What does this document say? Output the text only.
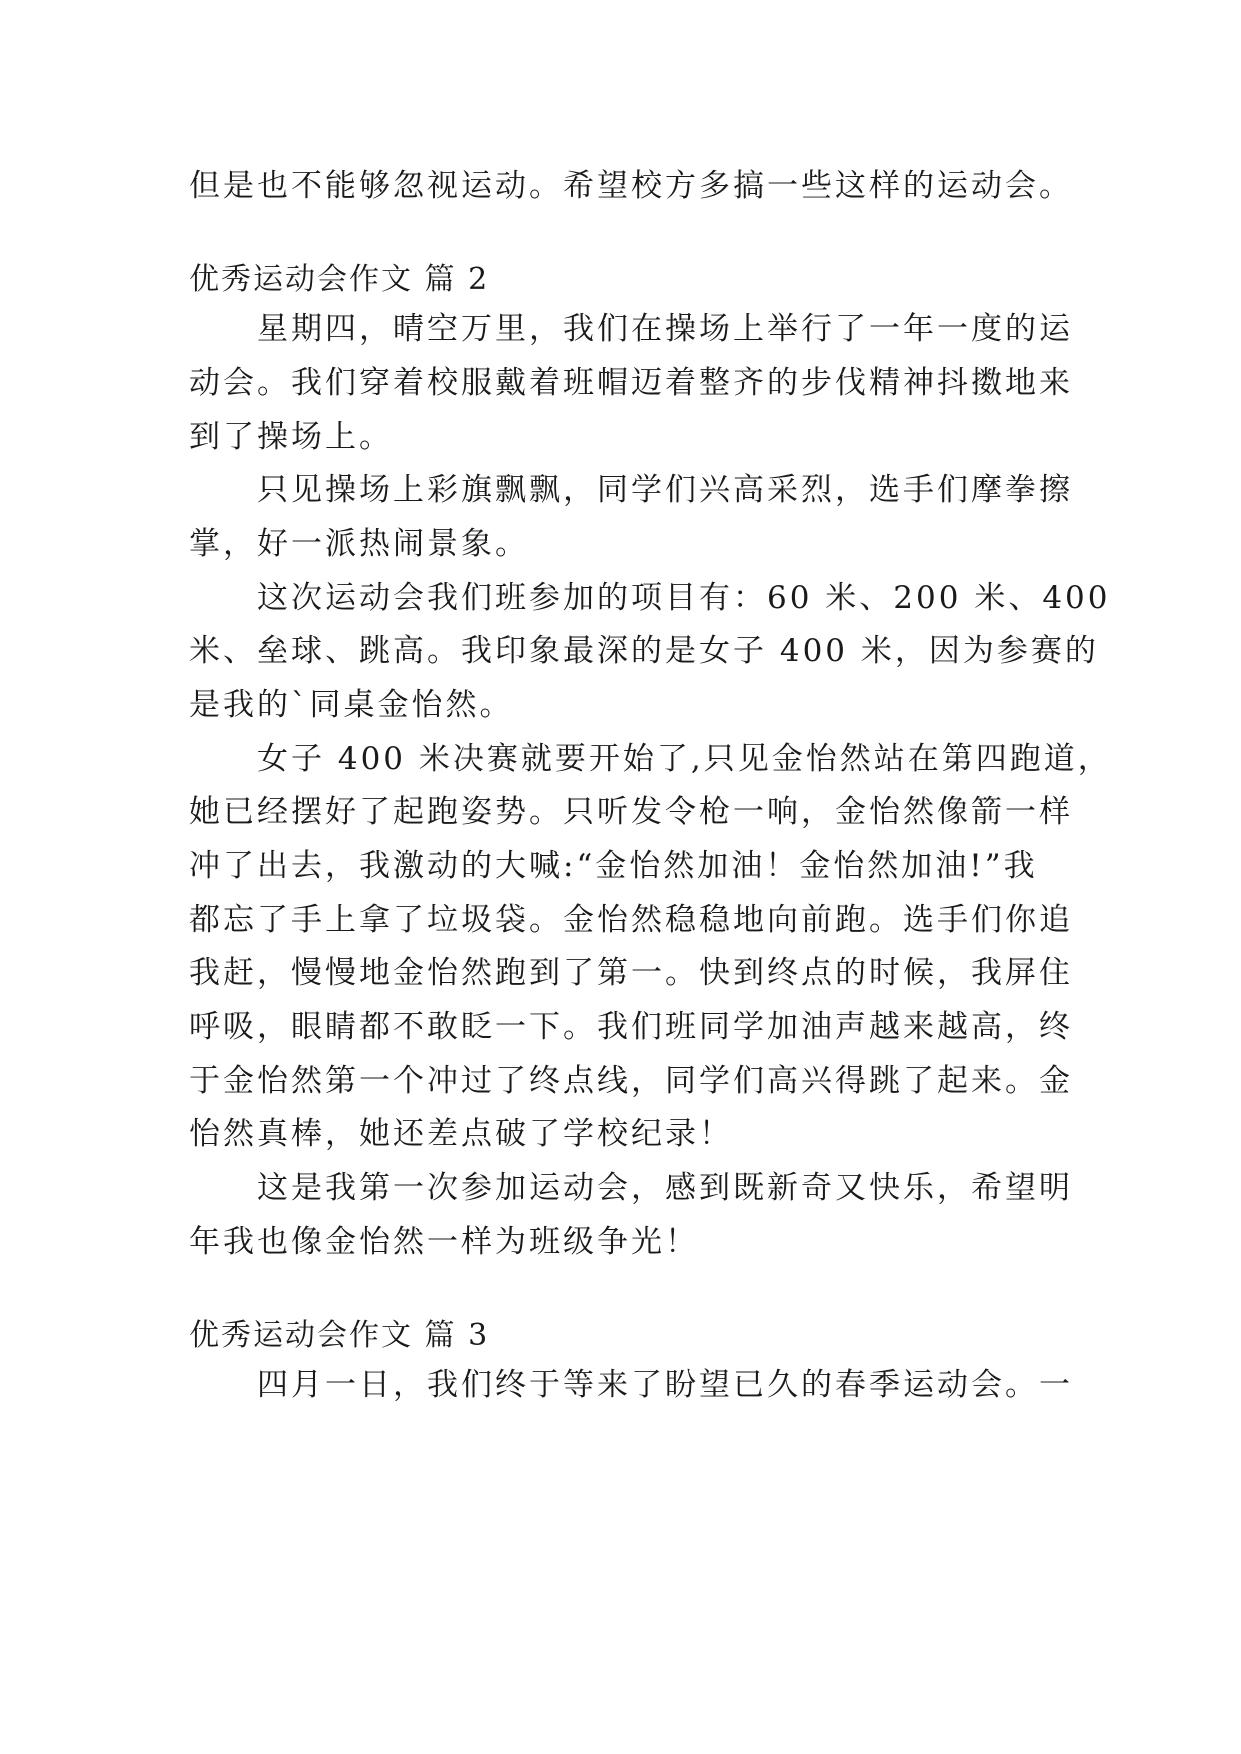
但是也不能够忽视运动。希望校方多搞一些这样的运动会。

优秀运动会作文 篇 2

　　星期四，晴空万里，我们在操场上举行了一年一度的运

动会。我们穿着校服戴着班帽迈着整齐的步伐精神抖擞地来

到了操场上。

　　只见操场上彩旗飘飘，同学们兴高采烈，选手们摩拳擦

掌，好一派热闹景象。

　　这次运动会我们班参加的项目有：60 米、200 米、400

米、垒球、跳高。我印象最深的是女子 400 米，因为参赛的

是我的`同桌金怡然。

　　女子 400 米决赛就要开始了,只见金怡然站在第四跑道，

她已经摆好了起跑姿势。只听发令枪一响，金怡然像箭一样

冲了出去，我激动的大喊:“金怡然加油！金怡然加油!”我

都忘了手上拿了垃圾袋。金怡然稳稳地向前跑。选手们你追

我赶，慢慢地金怡然跑到了第一。快到终点的时候，我屏住

呼吸，眼睛都不敢眨一下。我们班同学加油声越来越高，终

于金怡然第一个冲过了终点线，同学们高兴得跳了起来。金

怡然真棒，她还差点破了学校纪录！

　　这是我第一次参加运动会，感到既新奇又快乐，希望明

年我也像金怡然一样为班级争光！

优秀运动会作文 篇 3

　　四月一日，我们终于等来了盼望已久的春季运动会。一
